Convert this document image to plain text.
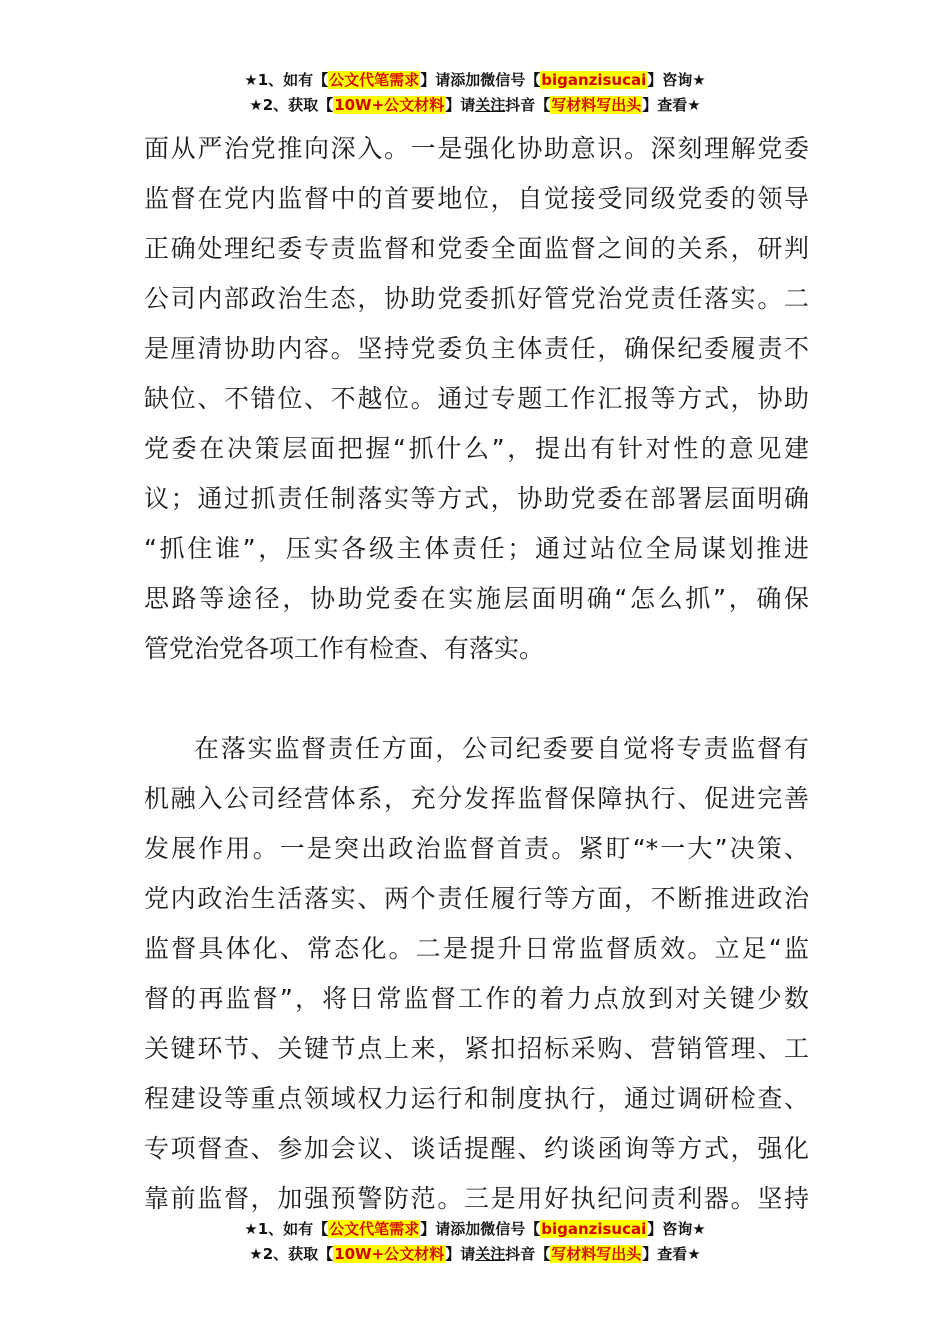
★1、如有【公文代笔需求】请添加微信号【biganzisucai】咨询★
★2、获取【10W+公文材料】请关注抖音【写材料写出头】查看★
面从严治党推向深入。一是强化协助意识。深刻理解党委
监督在党内监督中的首要地位，自觉接受同级党委的领导
正确处理纪委专责监督和党委全面监督之间的关系，研判
公司内部政治生态，协助党委抓好管党治党责任落实。二
是厘清协助内容。坚持党委负主体责任，确保纪委履责不
缺位、不错位、不越位。通过专题工作汇报等方式，协助
党委在决策层面把握“抓什么”，提出有针对性的意见建
议；通过抓责任制落实等方式，协助党委在部署层面明确
“抓住谁”，压实各级主体责任；通过站位全局谋划推进
思路等途径，协助党委在实施层面明确“怎么抓”，确保
管党治党各项工作有检查、有落实。
在落实监督责任方面，公司纪委要自觉将专责监督有
机融入公司经营体系，充分发挥监督保障执行、促进完善
发展作用。一是突出政治监督首责。紧盯“*一大”决策、
党内政治生活落实、两个责任履行等方面，不断推进政治
监督具体化、常态化。二是提升日常监督质效。立足“监
督的再监督”，将日常监督工作的着力点放到对关键少数
关键环节、关键节点上来，紧扣招标采购、营销管理、工
程建设等重点领域权力运行和制度执行，通过调研检查、
专项督查、参加会议、谈话提醒、约谈函询等方式，强化
靠前监督，加强预警防范。三是用好执纪问责利器。坚持
★1、如有【公文代笔需求】请添加微信号【biganzisucai】咨询★
★2、获取【10W+公文材料】请关注抖音【写材料写出头】查看★
